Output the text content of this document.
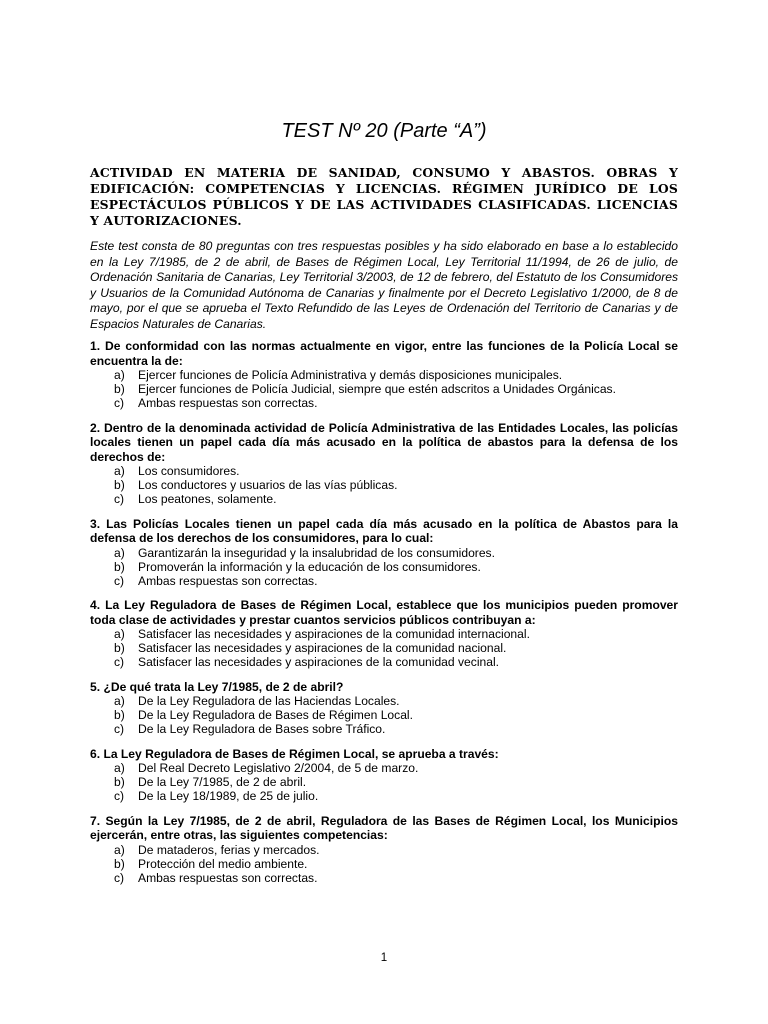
TEST Nº 20 (Parte “A”)
ACTIVIDAD EN MATERIA DE SANIDAD, CONSUMO Y ABASTOS. OBRAS Y EDIFICACIÓN: COMPETENCIAS Y LICENCIAS. RÉGIMEN JURÍDICO DE LOS ESPECTÁCULOS PÚBLICOS Y DE LAS ACTIVIDADES CLASIFICADAS. LICENCIAS Y AUTORIZACIONES.
Este test consta de 80 preguntas con tres respuestas posibles y ha sido elaborado en base a lo establecido en la Ley 7/1985, de 2 de abril, de Bases de Régimen Local, Ley Territorial 11/1994, de 26 de julio, de Ordenación Sanitaria de Canarias, Ley Territorial 3/2003, de 12 de febrero, del Estatuto de los Consumidores y Usuarios de la Comunidad Autónoma de Canarias y finalmente por el Decreto Legislativo 1/2000, de 8 de mayo, por el que se aprueba el Texto Refundido de las Leyes de Ordenación del Territorio de Canarias y de Espacios Naturales de Canarias.
1. De conformidad con las normas actualmente en vigor, entre las funciones de la Policía Local se encuentra la de:
a)	Ejercer funciones de Policía Administrativa y demás disposiciones municipales.
b)	Ejercer funciones de Policía Judicial, siempre que estén adscritos a Unidades Orgánicas.
c)	Ambas respuestas son correctas.
2. Dentro de la denominada actividad de Policía Administrativa de las Entidades Locales, las policías locales tienen un papel cada día más acusado en la política de abastos para la defensa de los derechos de:
a)	Los consumidores.
b)	Los conductores y usuarios de las vías públicas.
c)	Los peatones, solamente.
3. Las Policías Locales tienen un papel cada día más acusado en la política de Abastos para la defensa de los derechos de los consumidores, para lo cual:
a)	Garantizarán la inseguridad y la insalubridad de los consumidores.
b)	Promoverán la información y la educación de los consumidores.
c)	Ambas respuestas son correctas.
4. La Ley Reguladora de Bases de Régimen Local, establece que los municipios pueden promover toda clase de actividades y prestar cuantos servicios públicos contribuyan a:
a)	Satisfacer las necesidades y aspiraciones de la comunidad internacional.
b)	Satisfacer las necesidades y aspiraciones de la comunidad nacional.
c)	Satisfacer las necesidades y aspiraciones de la comunidad vecinal.
5. ¿De qué trata la Ley 7/1985, de 2 de abril?
a)	De la Ley Reguladora de las Haciendas Locales.
b)	De la Ley Reguladora de Bases de Régimen Local.
c)	De la Ley Reguladora de Bases sobre Tráfico.
6. La Ley Reguladora de Bases de Régimen Local, se aprueba a través:
a)	Del Real Decreto Legislativo 2/2004, de 5 de marzo.
b)	De la Ley 7/1985, de 2 de abril.
c)	De la Ley 18/1989, de 25 de julio.
7. Según la Ley 7/1985, de 2 de abril, Reguladora de las Bases de Régimen Local, los Municipios ejercerán, entre otras, las siguientes competencias:
a)	De mataderos, ferias y mercados.
b)	Protección del medio ambiente.
c)	Ambas respuestas son correctas.
1
